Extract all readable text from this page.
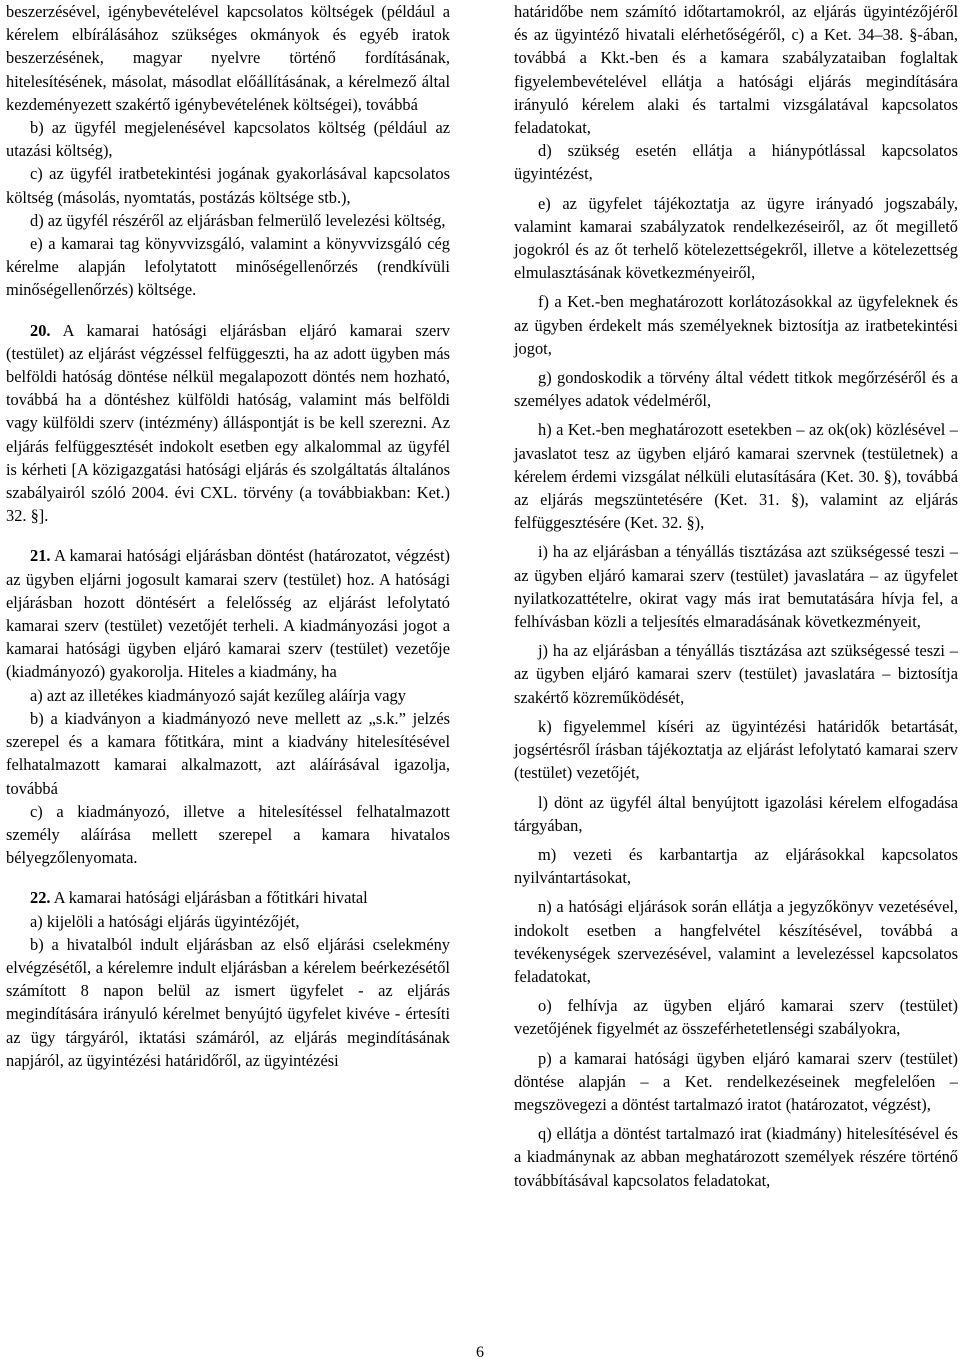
beszerzésével, igénybevételével kapcsolatos költségek (például a kérelem elbírálásához szükséges okmányok és egyéb iratok beszerzésének, magyar nyelvre történő fordításának, hitelesítésének, másolat, másodlat előállításának, a kérelmező által kezdeményezett szakértő igénybevételének költségei), továbbá

b) az ügyfél megjelenésével kapcsolatos költség (például az utazási költség),

c) az ügyfél iratbetekintési jogának gyakorlásával kapcsolatos költség (másolás, nyomtatás, postázás költsége stb.),

d) az ügyfél részéről az eljárásban felmerülő levelezési költség,

e) a kamarai tag könyvvizsgáló, valamint a könyvvizsgáló cég kérelme alapján lefolytatott minőségellenőrzés (rendkívüli minőségellenőrzés) költsége.

20. A kamarai hatósági eljárásban eljáró kamarai szerv (testület) az eljárást végzéssel felfüggeszti, ha az adott ügyben más belföldi hatóság döntése nélkül megalapozott döntés nem hozható, továbbá ha a döntéshez külföldi hatóság, valamint más belföldi vagy külföldi szerv (intézmény) álláspontját is be kell szerezni. Az eljárás felfüggesztését indokolt esetben egy alkalommal az ügyfél is kérheti [A közigazgatási hatósági eljárás és szolgáltatás általános szabályairól szóló 2004. évi CXL. törvény (a továbbiakban: Ket.) 32. §].

21. A kamarai hatósági eljárásban döntést (határozatot, végzést) az ügyben eljárni jogosult kamarai szerv (testület) hoz. A hatósági eljárásban hozott döntésért a felelősség az eljárást lefolytató kamarai szerv (testület) vezetőjét terheli. A kiadmányozási jogot a kamarai hatósági ügyben eljáró kamarai szerv (testület) vezetője (kiadmányozó) gyakorolja. Hiteles a kiadmány, ha

a) azt az illetékes kiadmányozó saját kezűleg aláírja vagy

b) a kiadványon a kiadmányozó neve mellett az „s.k.” jelzés szerepel és a kamara főtitkára, mint a kiadvány hitelesítésével felhatalmazott kamarai alkalmazott, azt aláírásával igazolja, továbbá

c) a kiadmányozó, illetve a hitelesítéssel felhatalmazott személy aláírása mellett szerepel a kamara hivatalos bélyegzőlenyomata.

22. A kamarai hatósági eljárásban a főtitkári hivatal

a) kijelöli a hatósági eljárás ügyintézőjét,

b) a hivatalból indult eljárásban az első eljárási cselekmény elvégzésétől, a kérelemre indult eljárásban a kérelem beérkezésétől számított 8 napon belül az ismert ügyfelet - az eljárás megindítására irányuló kérelmet benyújtó ügyfelet kivéve - értesíti az ügy tárgyáról, iktatási számáról, az eljárás megindításának napjáról, az ügyintézési határidőről, az ügyintézési

határidőbe nem számító időtartamokról, az eljárás ügyintézőjéről és az ügyintéző hivatali elérhetőségéről, c) a Ket. 34–38. §-ában, továbbá a Kkt.-ben és a kamara szabályzataiban foglaltak figyelembevételével ellátja a hatósági eljárás megindítására irányuló kérelem alaki és tartalmi vizsgálatával kapcsolatos feladatokat,

d) szükség esetén ellátja a hiánypótlással kapcsolatos ügyintézést,

e) az ügyfelet tájékoztatja az ügyre irányadó jogszabály, valamint kamarai szabályzatok rendelkezéseiről, az őt megillető jogokról és az őt terhelő kötelezettségekről, illetve a kötelezettség elmulasztásának következményeiről,

f) a Ket.-ben meghatározott korlátozásokkal az ügyfeleknek és az ügyben érdekelt más személyeknek biztosítja az iratbetekintési jogot,

g) gondoskodik a törvény által védett titkok megőrzéséről és a személyes adatok védelméről,

h) a Ket.-ben meghatározott esetekben – az ok(ok) közlésével – javaslatot tesz az ügyben eljáró kamarai szervnek (testületnek) a kérelem érdemi vizsgálat nélküli elutasítására (Ket. 30. §), továbbá az eljárás megszüntetésére (Ket. 31. §), valamint az eljárás felfüggesztésére (Ket. 32. §),

i) ha az eljárásban a tényállás tisztázása azt szükségessé teszi – az ügyben eljáró kamarai szerv (testület) javaslatára – az ügyfelet nyilatkozattételre, okirat vagy más irat bemutatására hívja fel, a felhívásban közli a teljesítés elmaradásának következményeit,

j) ha az eljárásban a tényállás tisztázása azt szükségessé teszi – az ügyben eljáró kamarai szerv (testület) javaslatára – biztosítja szakértő közreműködését,

k) figyelemmel kíséri az ügyintézési határidők betartását, jogsértésről írásban tájékoztatja az eljárást lefolytató kamarai szerv (testület) vezetőjét,

l) dönt az ügyfél által benyújtott igazolási kérelem elfogadása tárgyában,

m) vezeti és karbantartja az eljárásokkal kapcsolatos nyilvántartásokat,

n) a hatósági eljárások során ellátja a jegyzőkönyv vezetésével, indokolt esetben a hangfelvétel készítésével, továbbá a tevékenységek szervezésével, valamint a levelezéssel kapcsolatos feladatokat,

o) felhívja az ügyben eljáró kamarai szerv (testület) vezetőjének figyelmét az összeférhetetlenségi szabályokra,

p) a kamarai hatósági ügyben eljáró kamarai szerv (testület) döntése alapján – a Ket. rendelkezéseinek megfelelően – megszövegezi a döntést tartalmazó iratot (határozatot, végzést),

q) ellátja a döntést tartalmazó irat (kiadmány) hitelesítésével és a kiadmánynak az abban meghatározott személyek részére történő továbbításával kapcsolatos feladatokat,

6
